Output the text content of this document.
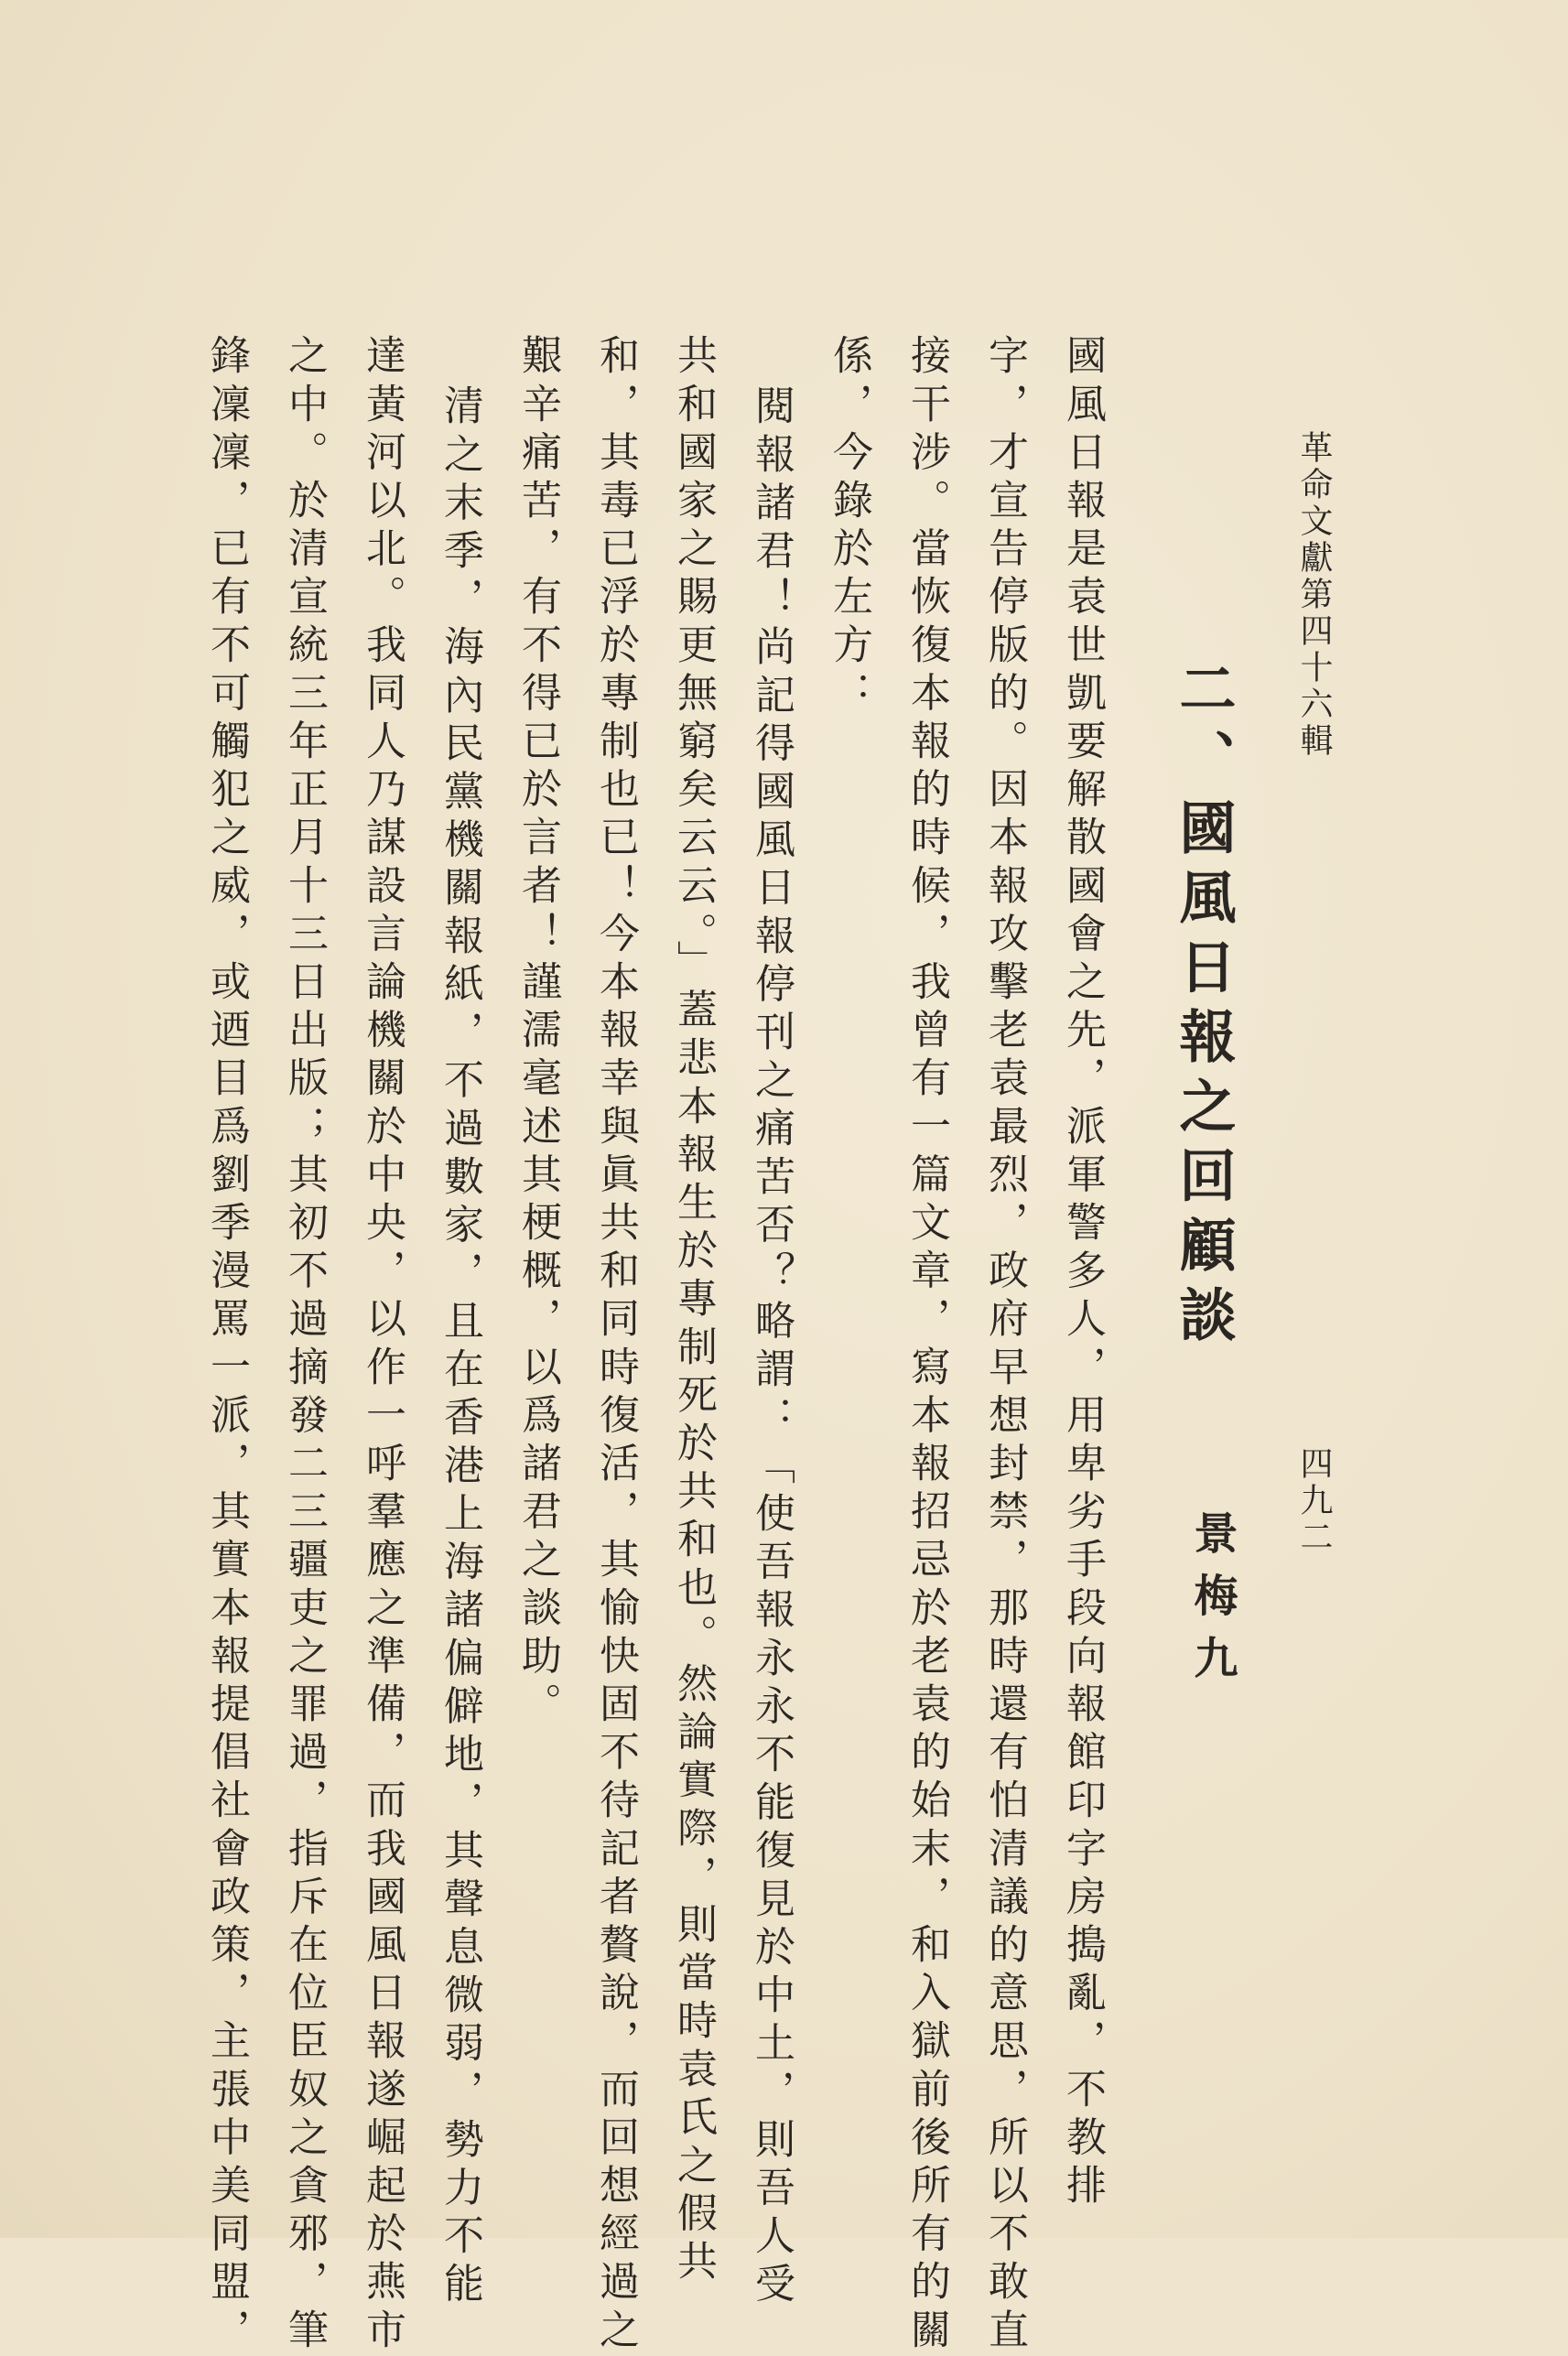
革命文獻第四十六輯
四九二
二、國風日報之回顧談
景梅九
國風日報是袁世凱要解散國會之先，派軍警多人，用卑劣手段向報館印字房搗亂，不教排
字，才宣告停版的。因本報攻擊老袁最烈，政府早想封禁，那時還有怕清議的意思，所以不敢直
接干涉。當恢復本報的時候，我曾有一篇文章，寫本報招忌於老袁的始末，和入獄前後所有的關
係，今錄於左方：
閱報諸君！尚記得國風日報停刊之痛苦否？略謂：「使吾報永永不能復見於中土，則吾人受
共和國家之賜更無窮矣云云。」蓋悲本報生於專制死於共和也。然論實際，則當時袁氏之假共
和，其毒已浮於專制也已！今本報幸與眞共和同時復活，其愉快固不待記者贅說，而回想經過之
艱辛痛苦，有不得已於言者！謹濡毫述其梗概，以爲諸君之談助。
清之末季，海內民黨機關報紙，不過數家，且在香港上海諸偏僻地，其聲息微弱，勢力不能
達黃河以北。我同人乃謀設言論機關於中央，以作一呼羣應之準備，而我國風日報遂崛起於燕市
之中。於清宣統三年正月十三日出版；其初不過摘發二三疆吏之罪過，指斥在位臣奴之貪邪，筆
鋒凜凜，已有不可觸犯之威，或迺目爲劉季漫罵一派，其實本報提倡社會政策，主張中美同盟，
